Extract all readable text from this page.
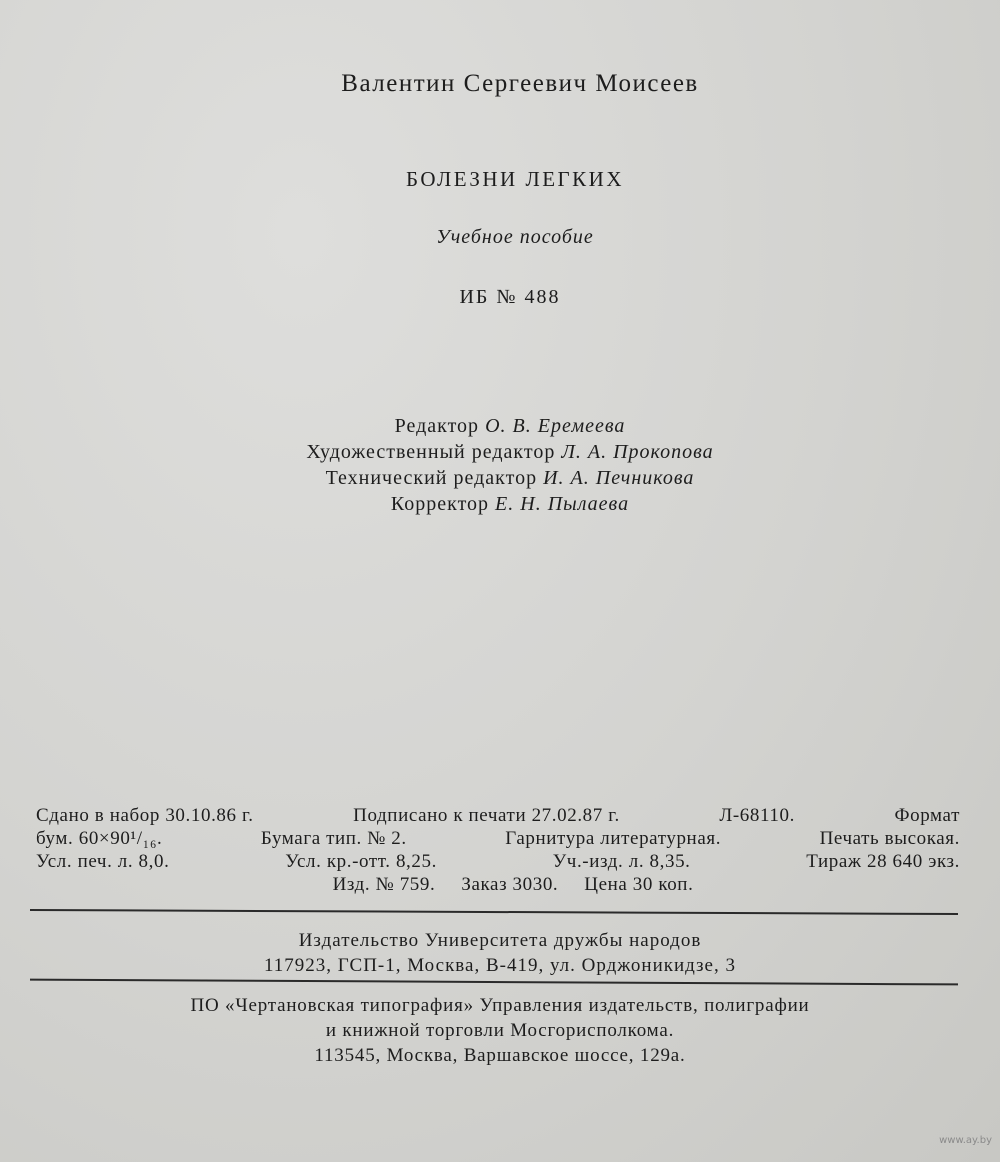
Валентин Сергеевич Моисеев
БОЛЕЗНИ ЛЕГКИХ
Учебное пособие
ИБ № 488
Редактор О. В. Еремеева
Художественный редактор Л. А. Прокопова
Технический редактор И. А. Печникова
Корректор Е. Н. Пылаева
Сдано в набор 30.10.86 г.	Подписано к печати 27.02.87 г.	Л-68110.	Формат
бум. 60×90¹/₁₆.	Бумага тип. № 2.	Гарнитура литературная.	Печать высокая.
Усл. печ. л. 8,0.	Усл. кр.-отт. 8,25.	Уч.-изд. л. 8,35.	Тираж 28 640 экз.
Изд. № 759. Заказ 3030. Цена 30 коп.
Издательство Университета дружбы народов
117923, ГСП-1, Москва, В-419, ул. Орджоникидзе, 3
ПО «Чертановская типография» Управления издательств, полиграфии
и книжной торговли Мосгорисполкома.
113545, Москва, Варшавское шоссе, 129а.
www.ay.by
